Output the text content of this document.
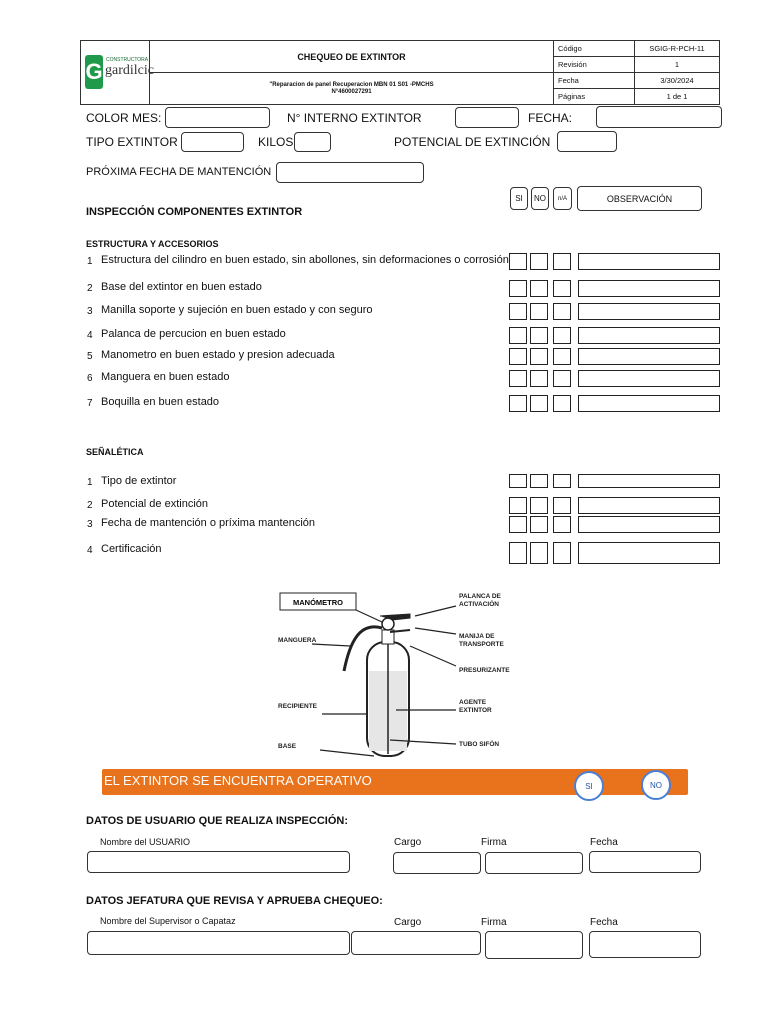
G CONSTRUCTORA
gardilcic	CHEQUEO DE EXTINTOR	Código	SGIG-R-PCH-11
		Revisión	1

	"Reparacion de panel Recuperacion MBN 01 S01 -PMCHS
N°4600027291	Fecha	3/30/2024
		Páginas	1 de 1
COLOR MES:	N° INTERNO EXTINTOR	FECHA:
TIPO EXTINTOR	KILOS	POTENCIAL DE EXTINCIÓN
PRÓXIMA FECHA DE MANTENCIÓN
SI	NO	n/A	OBSERVACIÓN
INSPECCIÓN COMPONENTES EXTINTOR
ESTRUCTURA Y ACCESORIOS
1 Estructura del cilindro en buen estado, sin abollones, sin deformaciones o corrosión
2 Base del extintor en buen estado
3 Manilla soporte y sujeción en buen estado y con seguro
4 Palanca de percucion en buen estado
5 Manometro en buen estado y presion adecuada
6 Manguera en buen estado
7 Boquilla en buen estado
SEÑALÉTICA
1 Tipo de extintor
2 Potencial de extinción
3 Fecha de mantención o príxima mantención
4 Certificación
MANÓMETRO
PALANCA DE
ACTIVACIÓN
MANGUERA
MANIJA DE
TRANSPORTE
PRESURIZANTE
RECIPIENTE
AGENTE
EXTINTOR
BASE	TUBO SIFÓN
EL EXTINTOR SE ENCUENTRA OPERATIVO	SI	NO
DATOS DE USUARIO QUE REALIZA INSPECCIÓN:
Nombre del USUARIO	Cargo	Firma	Fecha
DATOS JEFATURA QUE REVISA Y APRUEBA CHEQUEO:
Nombre del Supervisor o Capataz	Cargo	Firma	Fecha
